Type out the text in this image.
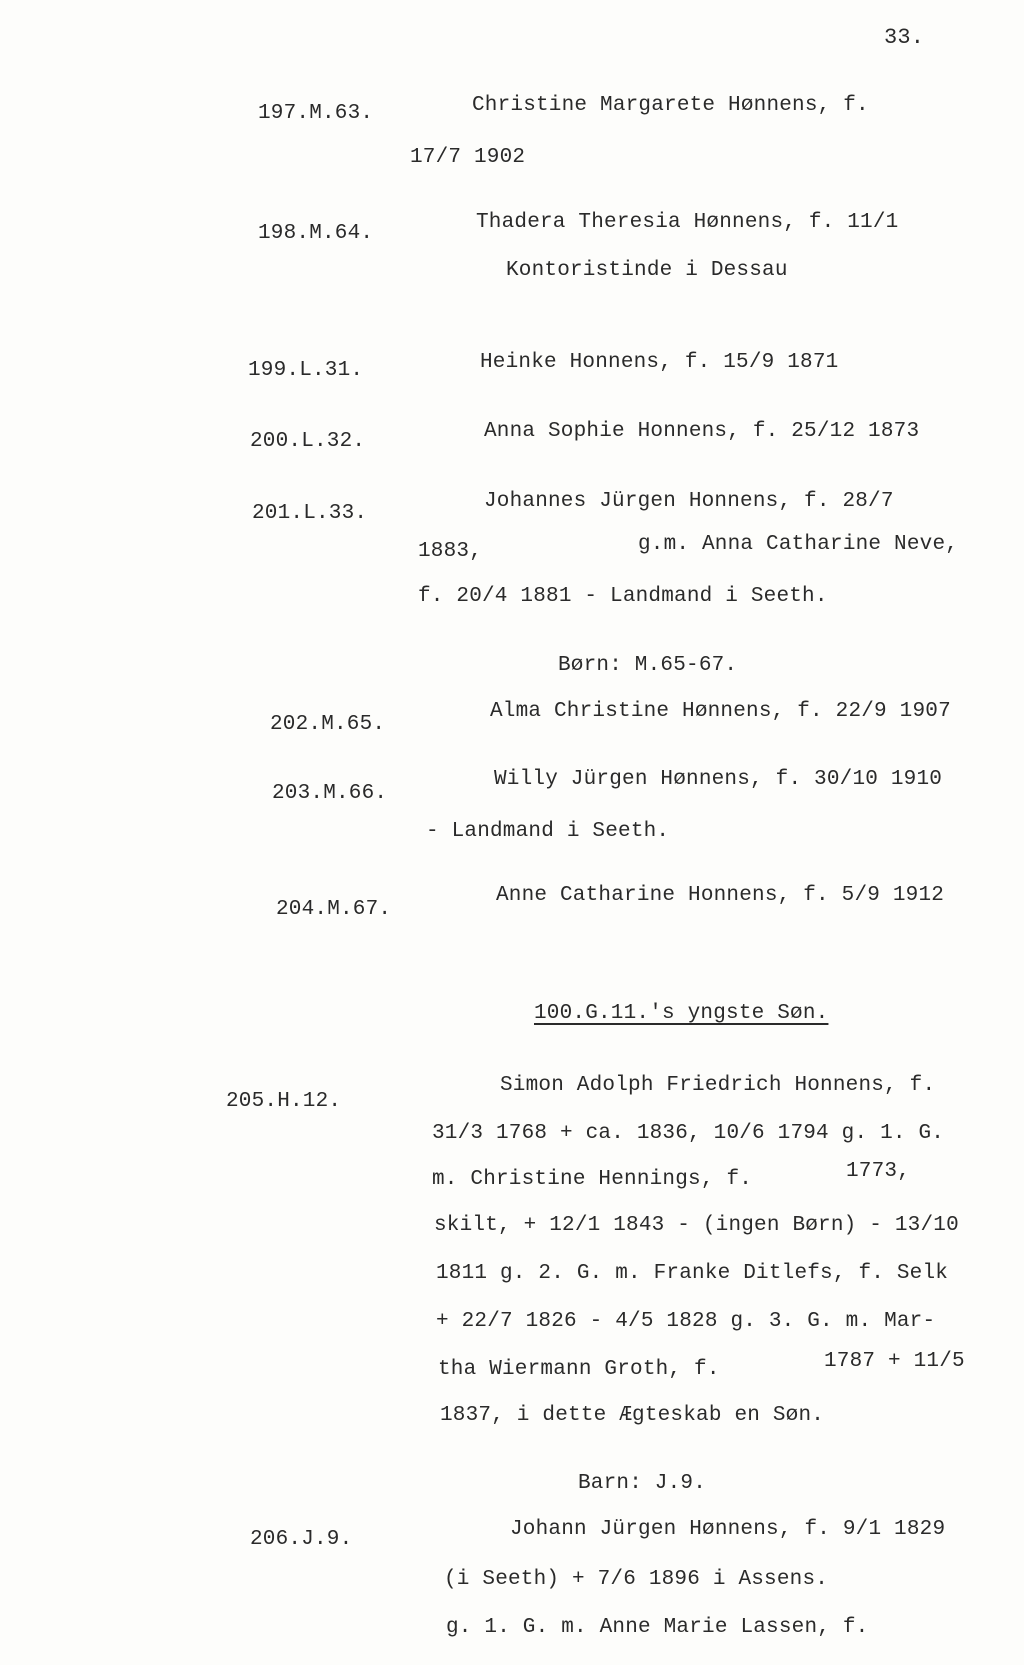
33.
197.M.63.	Christine Margarete Hønnens, f.
17/7 1902
198.M.64.	Thadera Theresia Hønnens, f. 11/1
Kontoristinde i Dessau
199.L.31.	Heinke Honnens, f. 15/9 1871
200.L.32.	Anna Sophie Honnens, f. 25/12 1873
201.L.33.
Johannes Jürgen Honnens, f. 28/7
1883,	g.m. Anna Catharine Neve,
f. 20/4 1881 - Landmand i Seeth.
Børn: M.65-67.
202.M.65.
Alma Christine Hønnens, f. 22/9 1907
203.M.66.
Willy Jürgen Hønnens, f. 30/10 1910
- Landmand i Seeth.
204.M.67.
Anne Catharine Honnens, f. 5/9 1912
100.G.11.'s yngste Søn.
205.H.12.
Simon Adolph Friedrich Honnens, f.
31/3 1768 + ca. 1836, 10/6 1794 g. 1. G.
m. Christine Hennings, f.	1773,
skilt, + 12/1 1843 - (ingen Børn) - 13/10
1811 g. 2. G. m. Franke Ditlefs, f. Selk
+ 22/7 1826 - 4/5 1828 g. 3. G. m. Mar-
tha Wiermann Groth, f.	1787 + 11/5
1837, i dette Ægteskab en Søn.
Barn: J.9.
206.J.9.	Johann Jürgen Hønnens, f. 9/1 1829
(i Seeth) + 7/6 1896 i Assens.
g. 1. G. m. Anne Marie Lassen, f.
